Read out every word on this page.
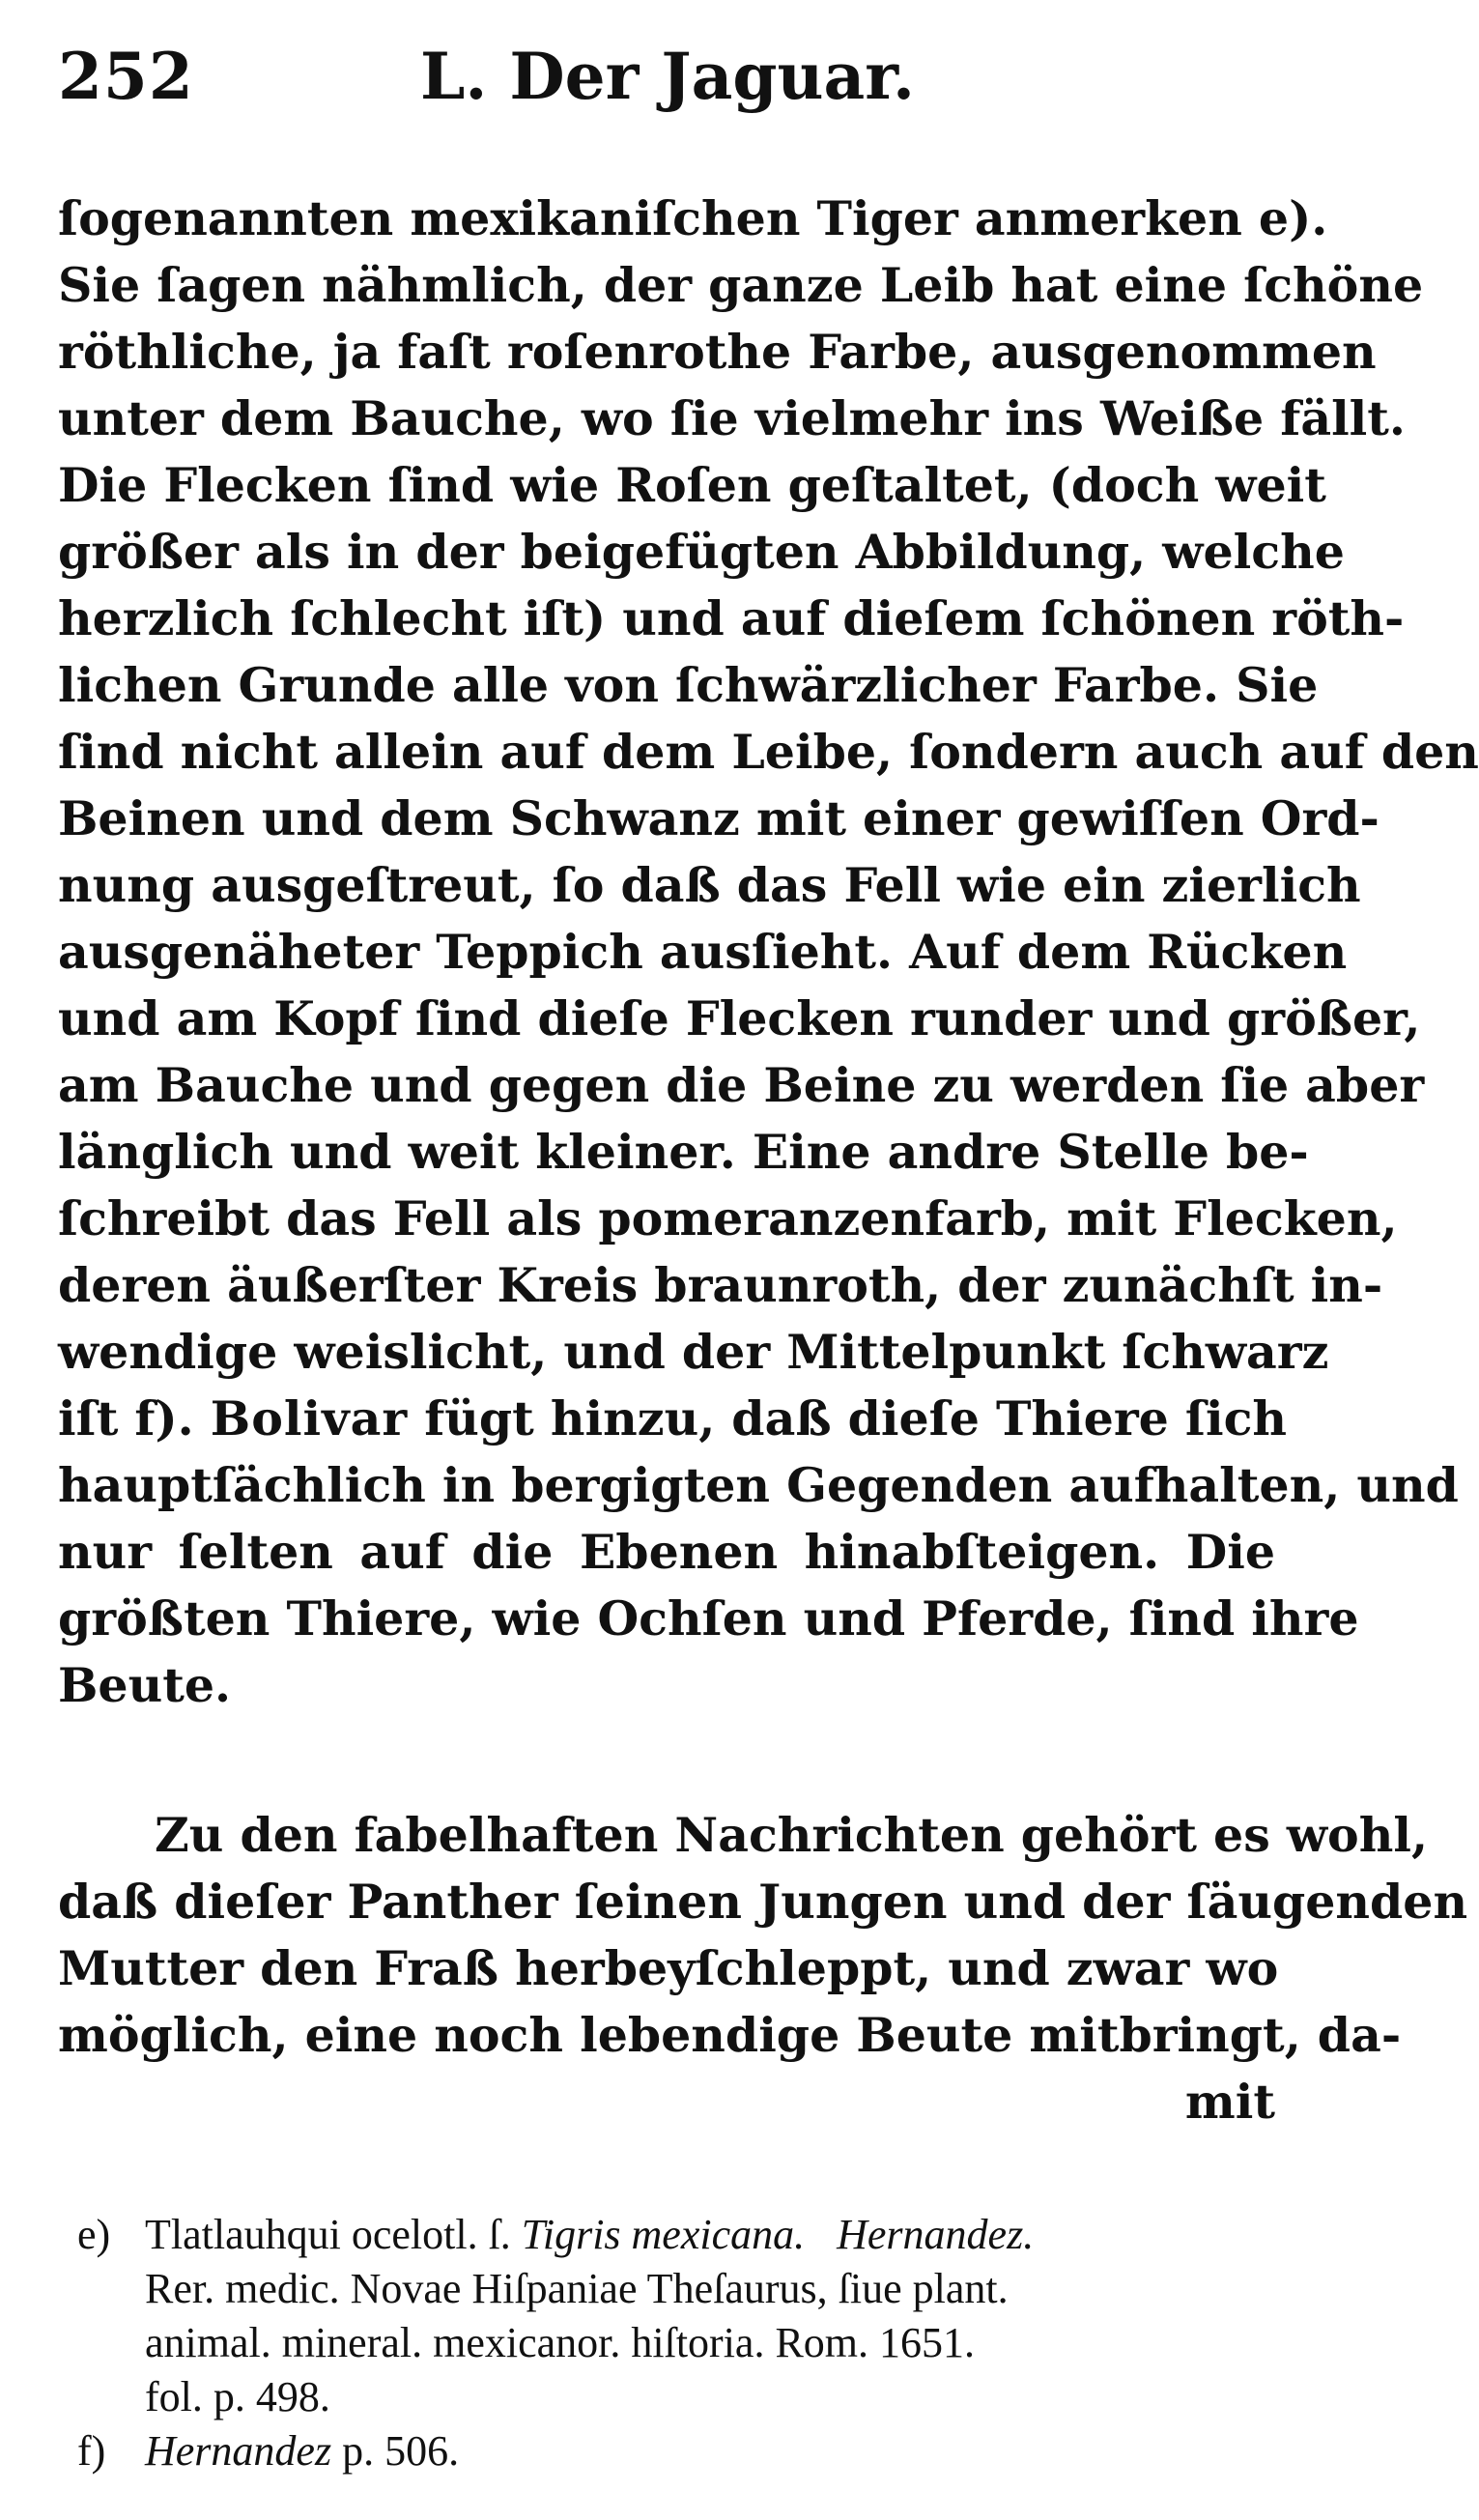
252	L. Der Jaguar.
ſogenannten mexikaniſchen Tiger anmerken e).
Sie ſagen nähmlich, der ganze Leib hat eine ſchöne
röthliche, ja faſt roſenrothe Farbe, ausgenommen
unter dem Bauche, wo ſie vielmehr ins Weiße fällt.
Die Flecken ſind wie Roſen geſtaltet, (doch weit
größer als in der beigefügten Abbildung, welche
herzlich ſchlecht iſt) und auf dieſem ſchönen röth-
lichen Grunde alle von ſchwärzlicher Farbe. Sie
ſind nicht allein auf dem Leibe, ſondern auch auf den
Beinen und dem Schwanz mit einer gewiſſen Ord-
nung ausgeſtreut, ſo daß das Fell wie ein zierlich
ausgenäheter Teppich ausſieht. Auf dem Rücken
und am Kopf ſind dieſe Flecken runder und größer,
am Bauche und gegen die Beine zu werden ſie aber
länglich und weit kleiner. Eine andre Stelle be-
ſchreibt das Fell als pomeranzenfarb, mit Flecken,
deren äußerſter Kreis braunroth, der zunächſt in-
wendige weislicht, und der Mittelpunkt ſchwarz
iſt f). Bolivar fügt hinzu, daß dieſe Thiere ſich
hauptſächlich in bergigten Gegenden aufhalten, und
nur ſelten auf die Ebenen hinabſteigen. Die
größten Thiere, wie Ochſen und Pferde, ſind ihre
Beute.
Zu den fabelhaften Nachrichten gehört es wohl,
daß dieſer Panther ſeinen Jungen und der ſäugenden
Mutter den Fraß herbeyſchleppt, und zwar wo
möglich, eine noch lebendige Beute mitbringt, da-
mit
e) Tlatlauhqui ocelotl. ſ. Tigris mexicana. Hernandez.
Rer. medic. Novae Hiſpaniae Theſaurus, ſiue plant.
animal. mineral. mexicanor. hiſtoria. Rom. 1651.
fol. p. 498.
f) Hernandez p. 506.
